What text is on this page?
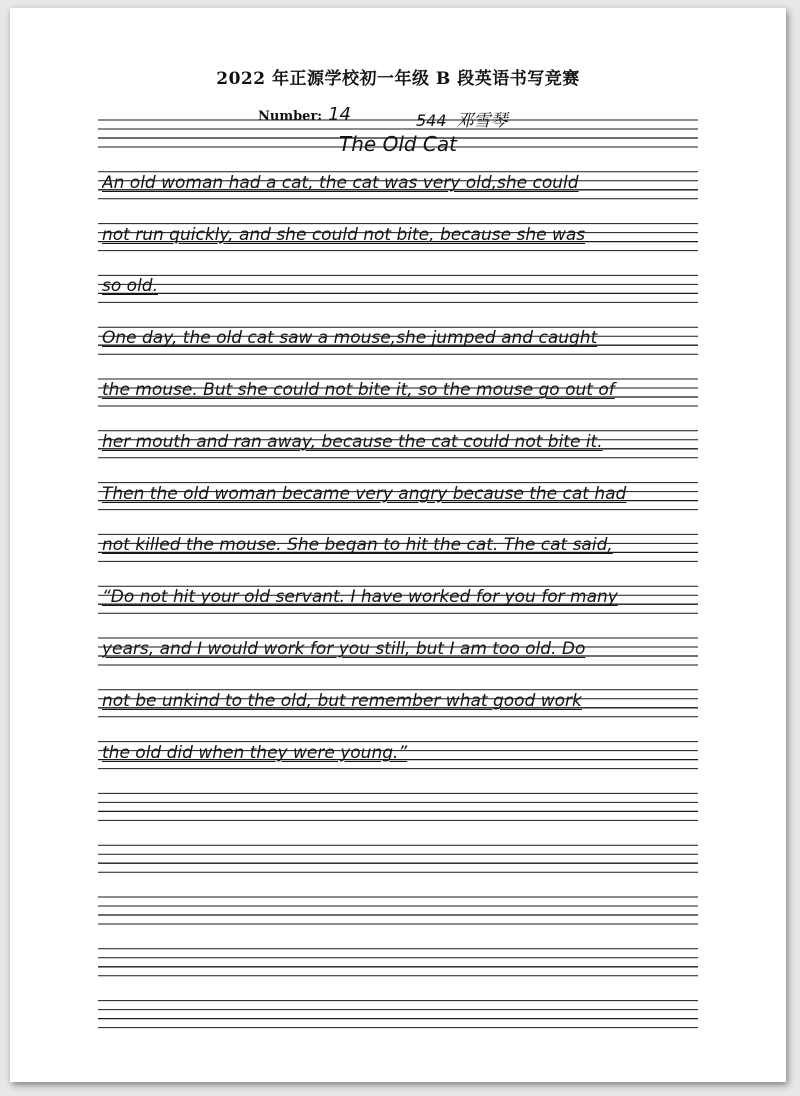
2022 年正源学校初一年级 B 段英语书写竞赛
Number: 14	544 邓雪琴
The Old Cat
An old woman had a cat, the cat was very old,she could
not run quickly, and she could not bite, because she was
so old.
One day, the old cat saw a mouse,she jumped and caught
the mouse. But she could not bite it, so the mouse go out of
her mouth and ran away, because the cat could not bite it.
Then the old woman became very angry because the cat had
not killed the mouse. She began to hit the cat. The cat said,
“Do not hit your old servant. I have worked for you for many
years, and I would work for you still, but I am too old. Do
not be unkind to the old, but remember what good work
the old did when they were young.”
